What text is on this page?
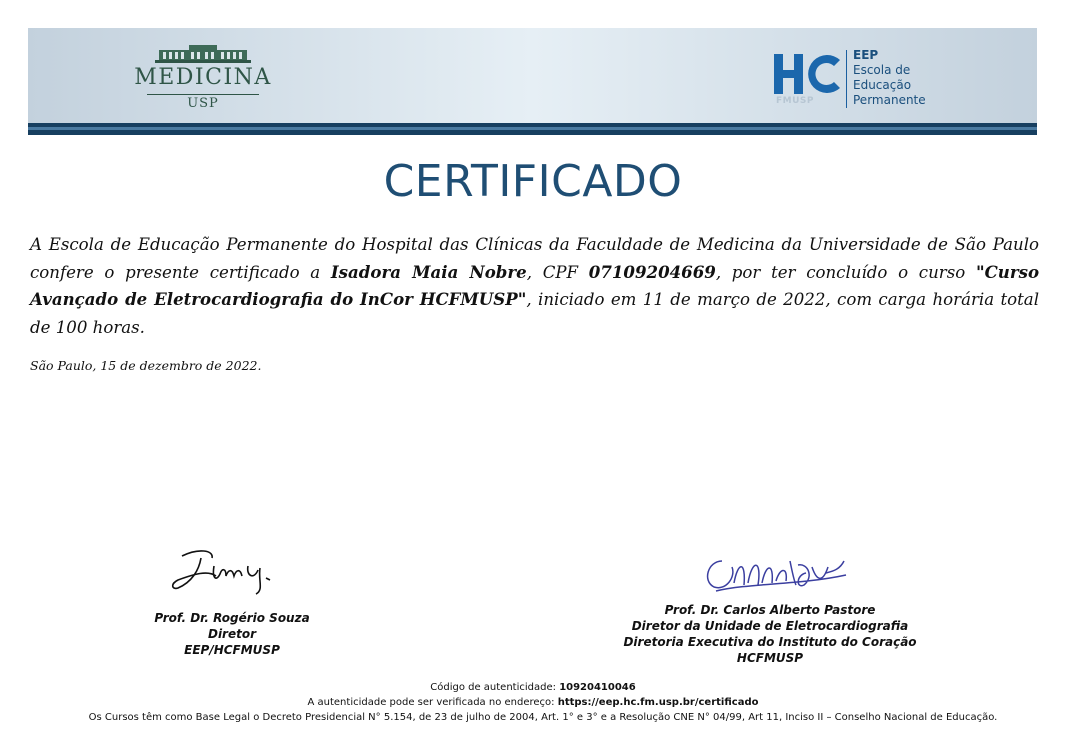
MEDICINA
USP	FMUSP
EEP
Escola de
Educação
Permanente
CERTIFICADO
A Escola de Educação Permanente do Hospital das Clínicas da Faculdade de Medicina da Universidade de São Paulo confere o presente certificado a Isadora Maia Nobre, CPF 07109204669, por ter concluído o curso "Curso Avançado de Eletrocardiografia do InCor HCFMUSP", iniciado em 11 de março de 2022, com carga horária total de 100 horas.
São Paulo, 15 de dezembro de 2022.
Prof. Dr. Rogério Souza
Diretor
EEP/HCFMUSP
Prof. Dr. Carlos Alberto Pastore
Diretor da Unidade de Eletrocardiografia
Diretoria Executiva do Instituto do Coração
HCFMUSP
Código de autenticidade: 10920410046
A autenticidade pode ser verificada no endereço: https://eep.hc.fm.usp.br/certificado
Os Cursos têm como Base Legal o Decreto Presidencial N° 5.154, de 23 de julho de 2004, Art. 1° e 3° e a Resolução CNE N° 04/99, Art 11, Inciso II – Conselho Nacional de Educação.
